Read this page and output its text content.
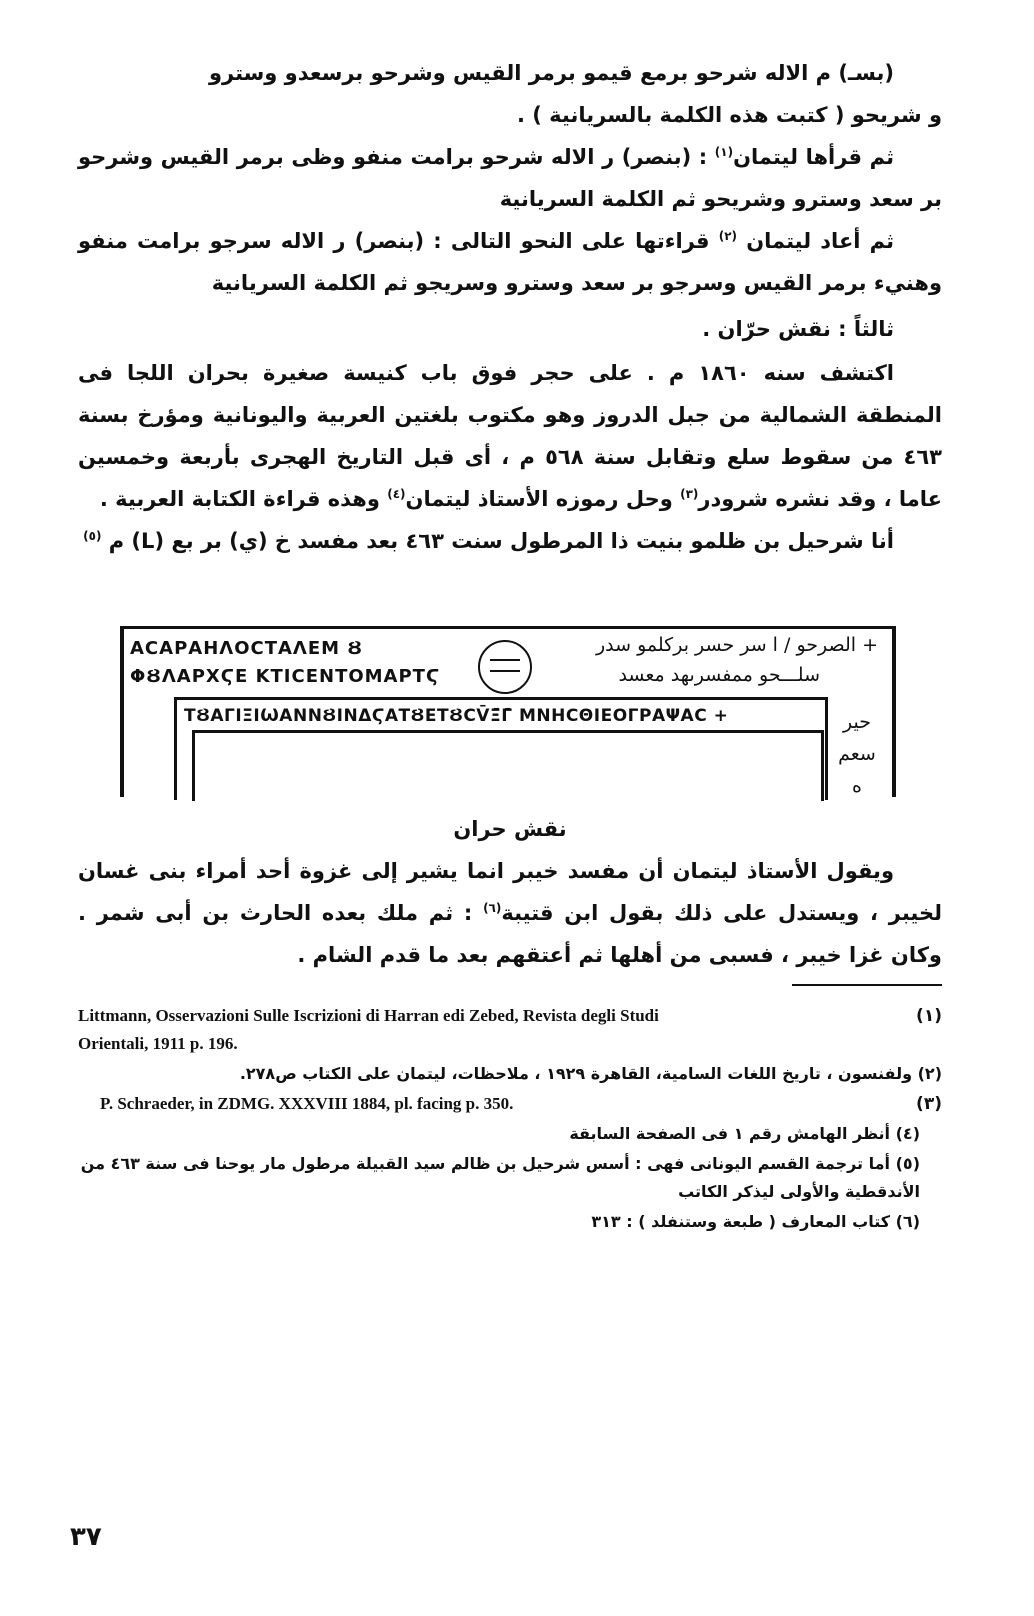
(بسـ) م الاله شرحو برمع قيمو برمر القيس وشرحو برسعدو وسترو
و شريحو ( كتبت هذه الكلمة بالسريانية ) .

ثم قرأها ليتمان$^{(١)}$ : (بنصر) ر الاله شرحو برامت منفو وظى برمر القيس وشرحو بر سعد وسترو وشريحو ثم الكلمة السريانية

ثم أعاد ليتمان $^{(٢)}$ قراءتها على النحو التالى : (بنصر) ر الاله سرجو برامت منفو وهنيء برمر القيس وسرجو بر سعد وسترو وسريجو ثم الكلمة السريانية

ثالثاً : نقش حرّان .

اكتشف سنه ١٨٦٠ م . على حجر فوق باب كنيسة صغيرة بحران اللجا فى المنطقة الشمالية من جبل الدروز وهو مكتوب بلغتين العربية واليونانية ومؤرخ بسنة ٤٦٣ من سقوط سلع وتقابل سنة ٥٦٨ م ، أى قبل التاريخ الهجرى بأربعة وخمسين عاما ، وقد نشره شرودر$^{(٣)}$ وحل رموزه الأستاذ ليتمان$^{(٤)}$ وهذه قراءة الكتابة العربية .

أنا شرحيل بن ظلمو بنيت ذا المرطول سنت ٤٦٣ بعد مفسد خ (ي) بر بع (L) م $^{(٥)}$

ΑСΑΡΑΗΛΟСΤΑΛΕΜ Ȣ
ΦȢΛΑΡΧϚΕ ΚΤΙСΕΝΤΟΜΑΡΤϚ
ΤȢΑΓΙΞΙѠΑΝΝȢΙΝΔϚΑΤȢΕΤȢСV̄Ξ̄Γ̄ ΜΝΗСΘΙΕΟΓΡΑΨΑС +
+ الصرحو / ا سر حسر بركلمو سدر
سلـــحو ممفسرىهد معسد
حير سعم ه

نقش حران

ويقول الأستاذ ليتمان أن مفسد خيبر انما يشير إلى غزوة أحد أمراء بنى غسان لخيبر ، ويستدل على ذلك بقول ابن قتيبة$^{(٦)}$ : ثم ملك بعده الحارث بن أبى شمر . وكان غزا خيبر ، فسبى من أهلها ثم أعتقهم بعد ما قدم الشام .

Littmann, Osservazioni Sulle Iscrizioni di Harran edi Zebed, Revista degli Studi	(١)

Orientali, 1911 p. 196.

(٢) ولفنسون ، تاريخ اللغات السامية، القاهرة ١٩٢٩ ، ملاحظات، ليتمان على الكتاب ص٢٧٨.

P. Schraeder, in ZDMG. XXXVIII 1884, pl. facing p. 350.	(٣)

(٤) أنظر الهامش رقم ١ فى الصفحة السابقة

(٥) أما ترجمة القسم اليونانى فهى : أسس شرحيل بن ظالم سيد القبيلة مرطول مار يوحنا فى سنة ٤٦٣ من الأندقطية والأولى ليذكر الكاتب

(٦) كتاب المعارف ( طبعة وستنفلد ) : ٣١٣

٣٧
